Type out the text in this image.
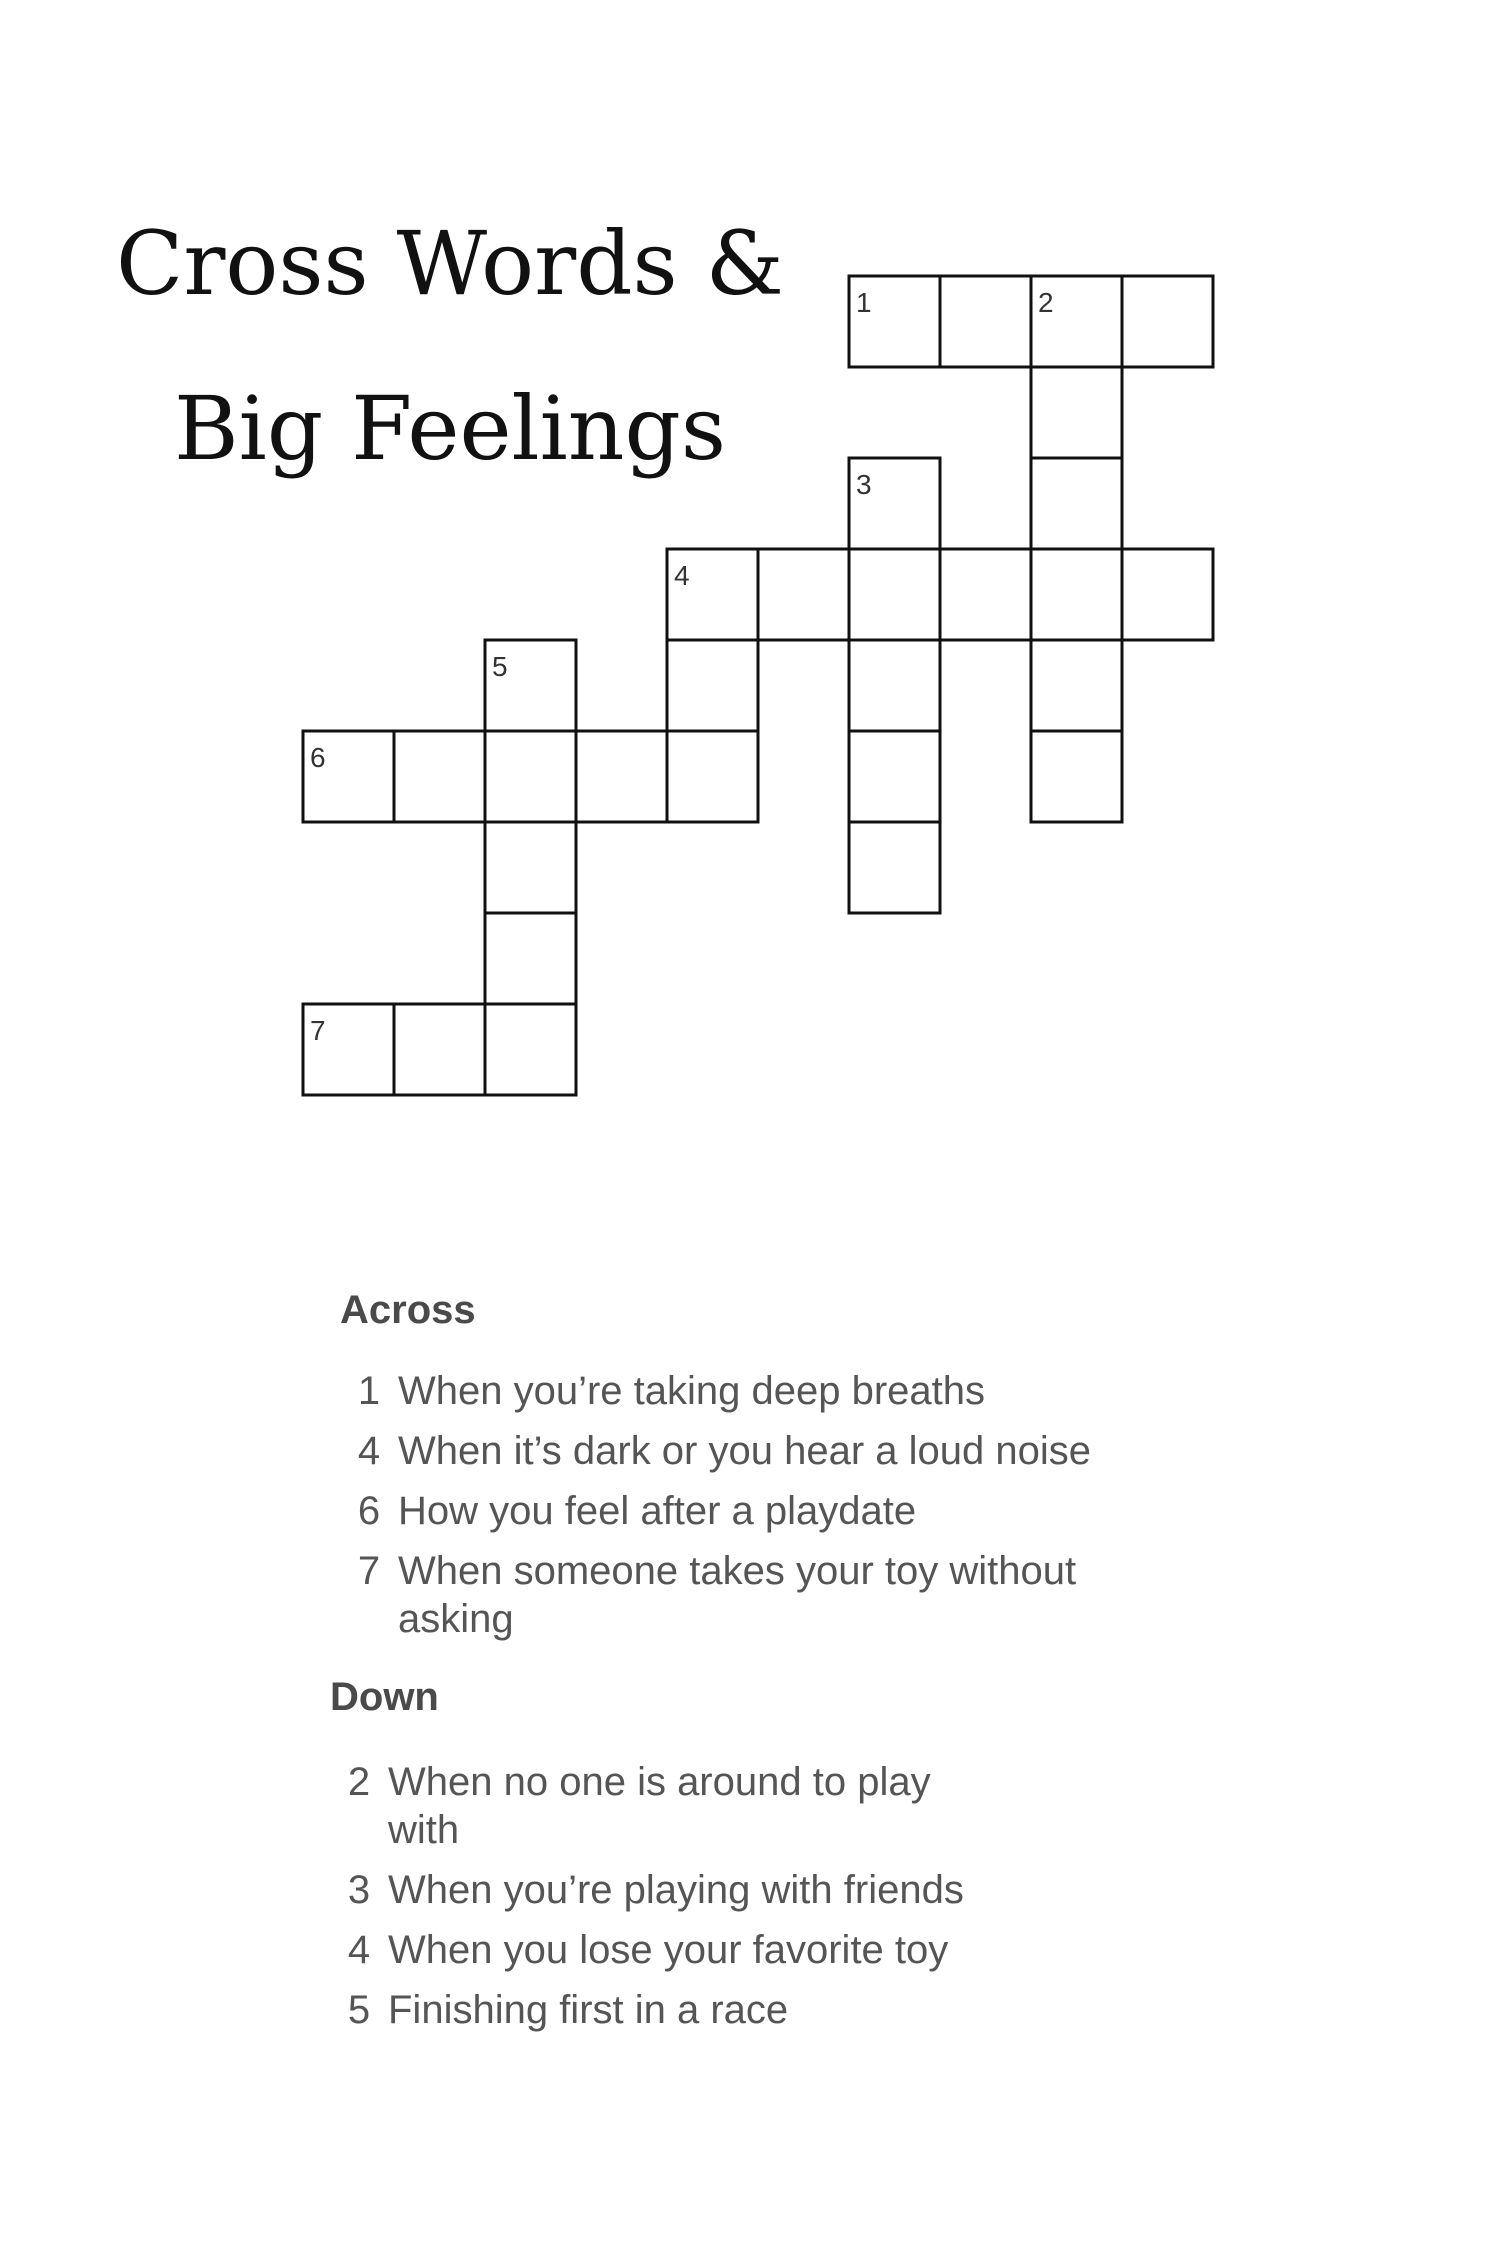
Cross Words &
Big Feelings
1	2
3
4
5
6
7
Across
1 When you’re taking deep breaths
4 When it’s dark or you hear a loud noise
6 How you feel after a playdate
7 When someone takes your toy without asking
Down
2 When no one is around to play with
3 When you’re playing with friends
4 When you lose your favorite toy
5 Finishing first in a race
